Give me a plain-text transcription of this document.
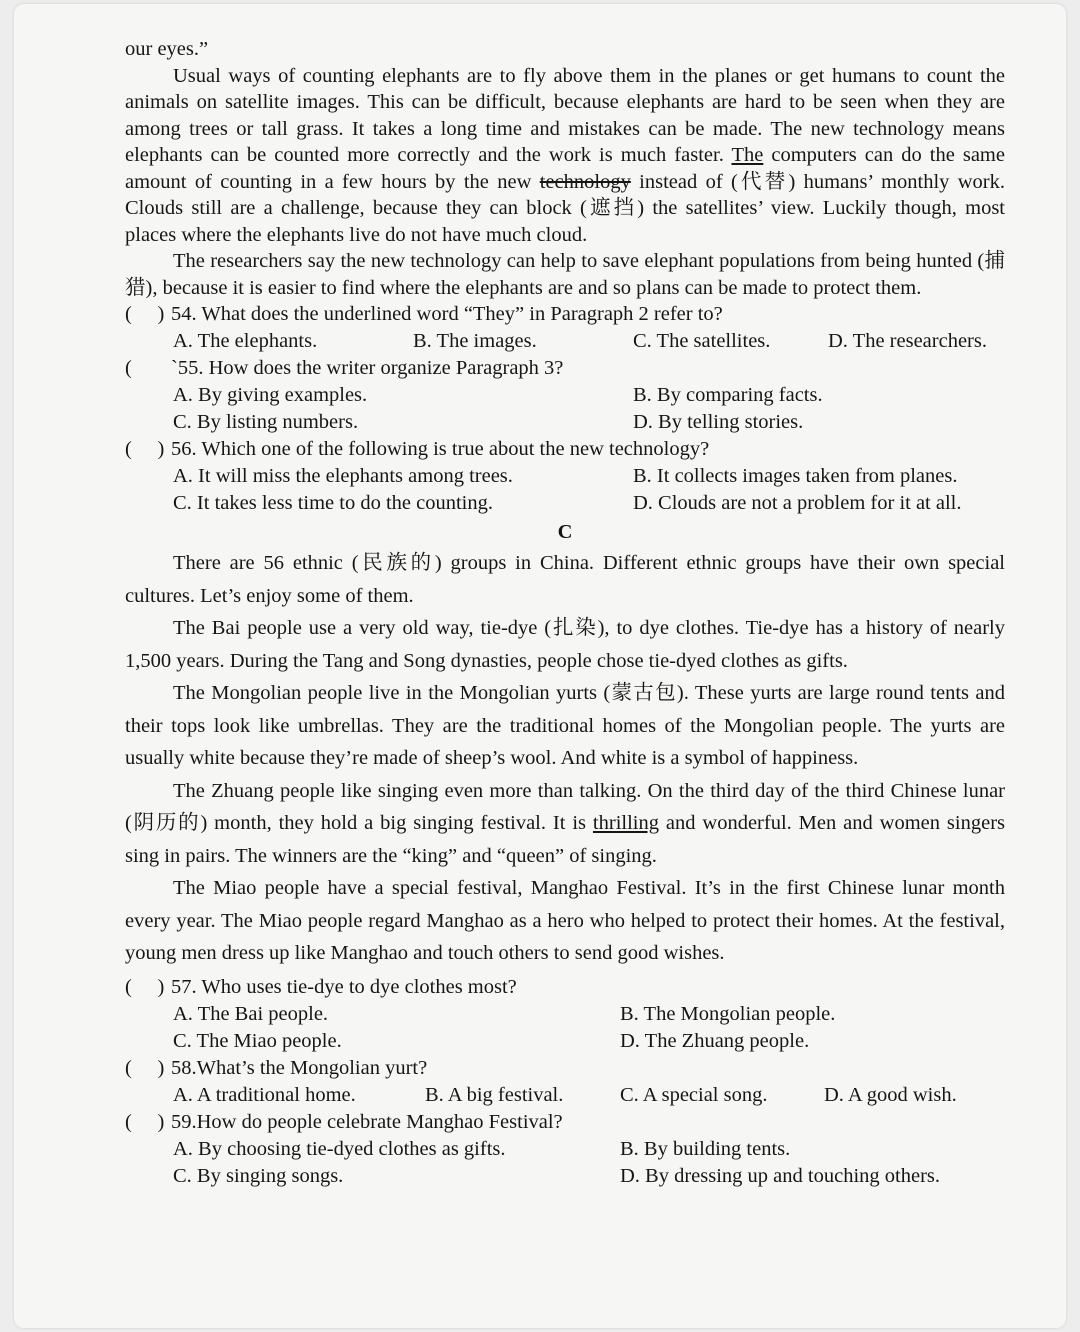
our eyes.”

Usual ways of counting elephants are to fly above them in the planes or get humans to count the animals on satellite images. This can be difficult, because elephants are hard to be seen when they are among trees or tall grass. It takes a long time and mistakes can be made. The new technology means elephants can be counted more correctly and the work is much faster. The computers can do the same amount of counting in a few hours by the new technology instead of (代替) humans’ monthly work. Clouds still are a challenge, because they can block (遮挡) the satellites’ view. Luckily though, most places where the elephants live do not have much cloud.

The researchers say the new technology can help to save elephant populations from being hunted (捕猎), because it is easier to find where the elephants are and so plans can be made to protect them.

(     ) 54. What does the underlined word “They” in Paragraph 2 refer to?
A. The elephants.	B. The images.	C. The satellites.	D. The researchers.
( `55. How does the writer organize Paragraph 3?
A. By giving examples.	B. By comparing facts.
C. By listing numbers.	D. By telling stories.
(     ) 56. Which one of the following is true about the new technology?
A. It will miss the elephants among trees.	B. It collects images taken from planes.
C. It takes less time to do the counting.	D. Clouds are not a problem for it at all.
C

There are 56 ethnic (民族的) groups in China. Different ethnic groups have their own special cultures. Let’s enjoy some of them.

The Bai people use a very old way, tie-dye (扎染), to dye clothes. Tie-dye has a history of nearly 1,500 years. During the Tang and Song dynasties, people chose tie-dyed clothes as gifts.

The Mongolian people live in the Mongolian yurts (蒙古包). These yurts are large round tents and their tops look like umbrellas. They are the traditional homes of the Mongolian people. The yurts are usually white because they’re made of sheep’s wool. And white is a symbol of happiness.

The Zhuang people like singing even more than talking. On the third day of the third Chinese lunar (阴历的) month, they hold a big singing festival. It is thrilling and wonderful. Men and women singers sing in pairs. The winners are the “king” and “queen” of singing.

The Miao people have a special festival, Manghao Festival. It’s in the first Chinese lunar month every year. The Miao people regard Manghao as a hero who helped to protect their homes. At the festival, young men dress up like Manghao and touch others to send good wishes.

(     ) 57. Who uses tie-dye to dye clothes most?
A. The Bai people.	B. The Mongolian people.
C. The Miao people.	D. The Zhuang people.
(     ) 58.What’s the Mongolian yurt?
A. A traditional home.	B. A big festival.	C. A special song.	D. A good wish.
(     ) 59.How do people celebrate Manghao Festival?
A. By choosing tie-dyed clothes as gifts.	B. By building tents.
C. By singing songs.	D. By dressing up and touching others.
